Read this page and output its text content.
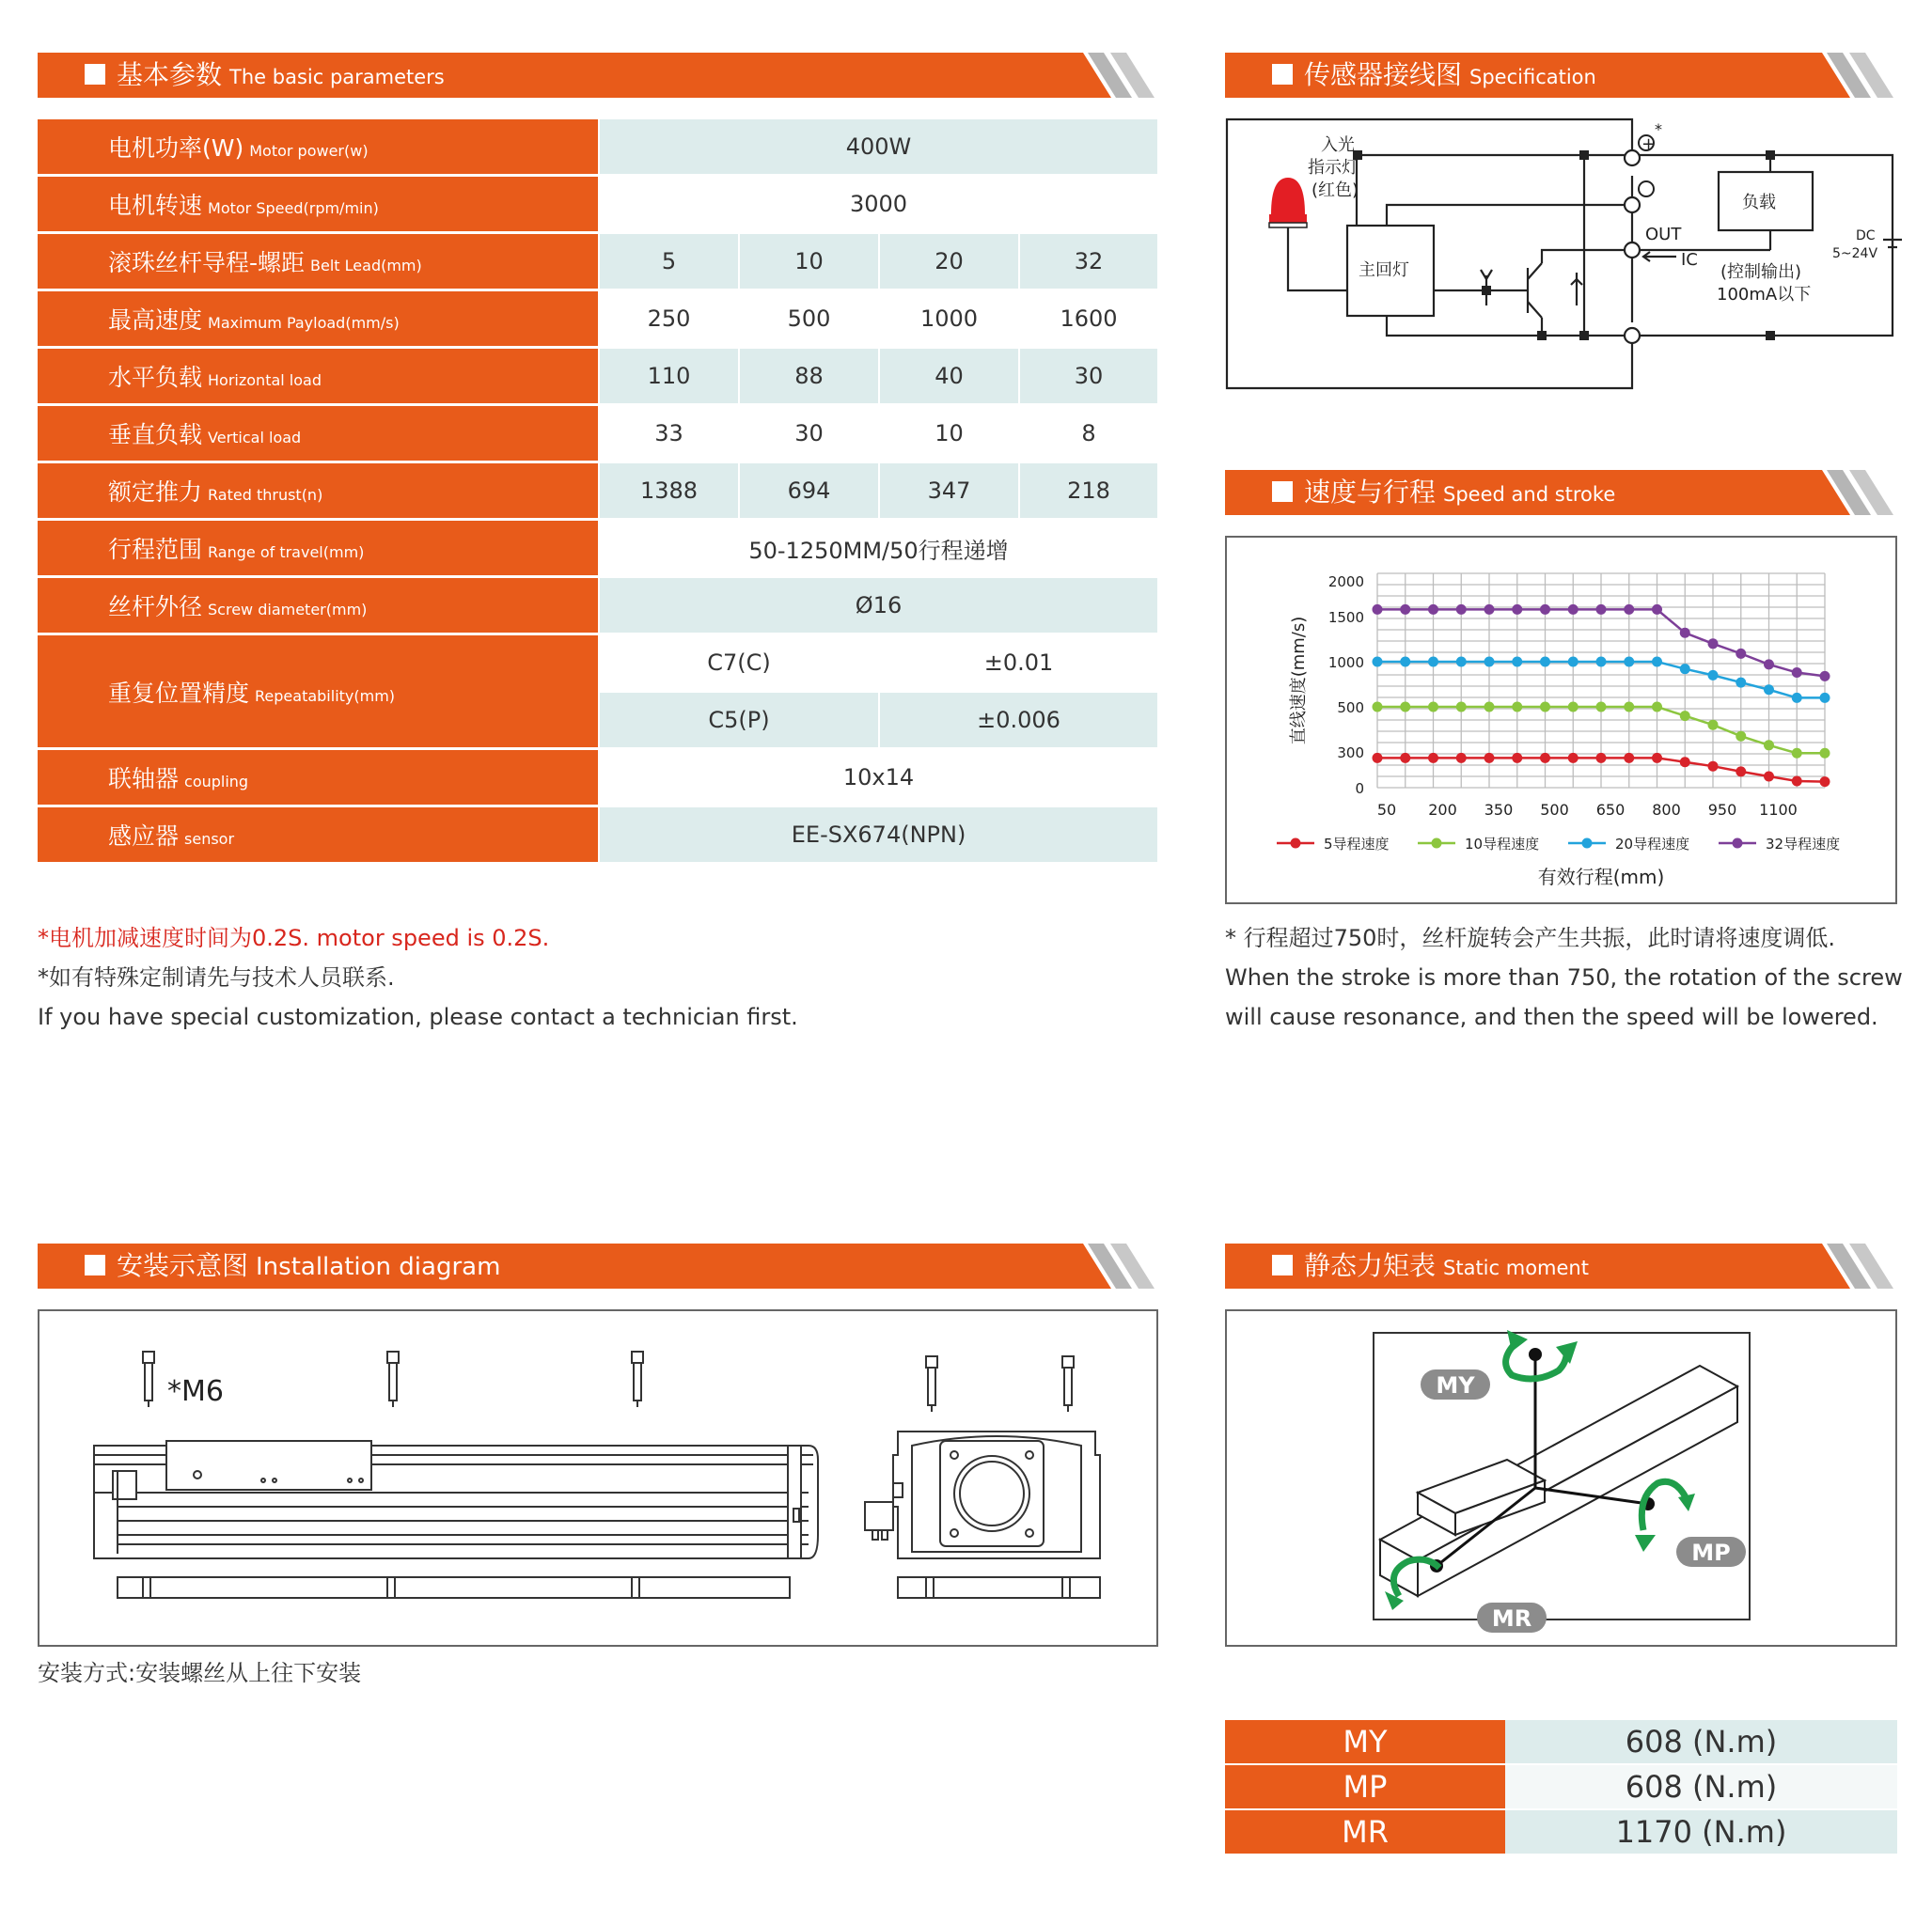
基本参数 The basic parameters	传感器接线图 Specification
速度与行程 Speed and stroke
安装示意图 Installation diagram	静态力矩表 Static moment
电机功率(W) Motor power(w)	400W			
电机转速 Motor Speed(rpm/min)	3000			
滚珠丝杆导程-螺距 Belt Lead(mm)	5	10	20	32
最高速度 Maximum Payload(mm/s)	250	500	1000	1600
水平负载 Horizontal load	110	88	40	30
垂直负载 Vertical load	33	30	10	8
额定推力 Rated thrust(n)	1388	694	347	218
行程范围 Range of travel(mm)	50-1250MM/50行程递增			
丝杆外径 Screw diameter(mm)	Ø16			
重复位置精度 Repeatability(mm)	C7(C)		±0.01	
	C5(P)		±0.006	
联轴器 coupling	10x14			
感应器 sensor	EE-SX674(NPN)			
*电机加减速度时间为0.2S. motor speed is 0.2S.
*如有特殊定制请先与技术人员联系.
If you have special customization, please contact a technician first.
入光
指示灯
(红色)
主回灯
负载
OUT
IC
(控制输出)
100mA以下
DC
5~24V
+
*
0
300
500
1000
1500
2000
50 200 350 500 650 800 950 1100
直线速度(mm/s)
有效行程(mm)
5导程速度	10导程速度	20导程速度	32导程速度
* 行程超过750时，丝杆旋转会产生共振，此时请将速度调低.
When the stroke is more than 750, the rotation of the screw
will cause resonance, and then the speed will be lowered.
*M6
安装方式:安装螺丝从上往下安装
MY
MP
MR
MY	608 (N.m)
MP	608 (N.m)
MR	1170 (N.m)
